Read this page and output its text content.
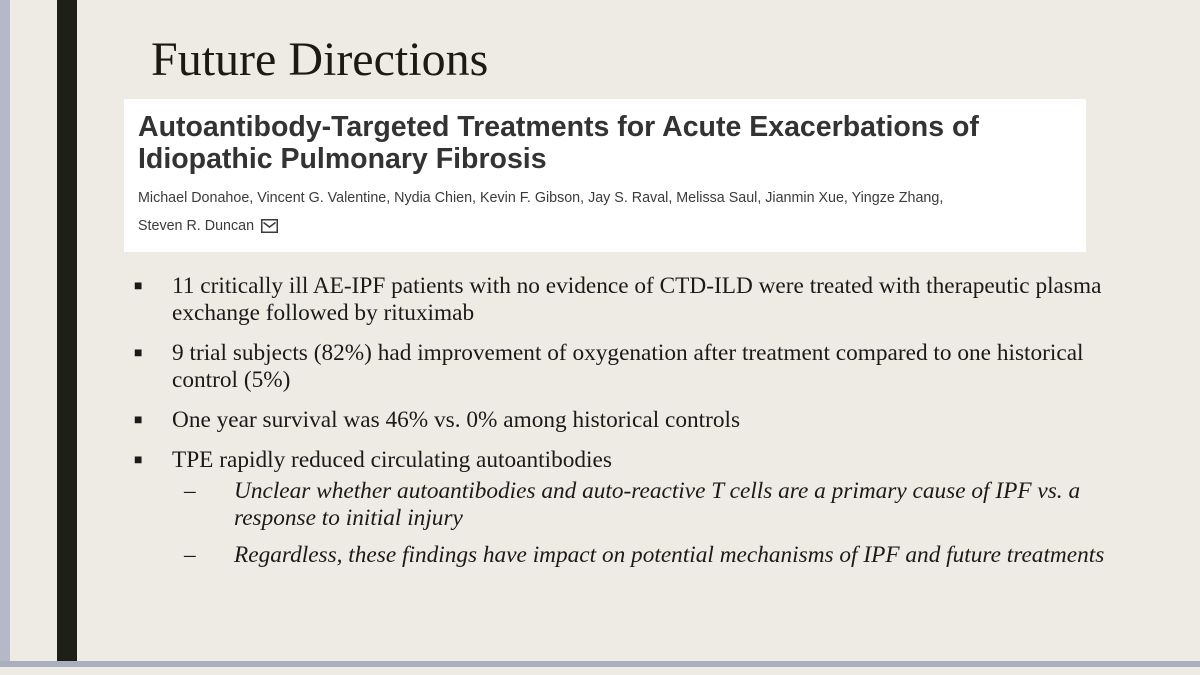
Future Directions
Autoantibody-Targeted Treatments for Acute Exacerbations of Idiopathic Pulmonary Fibrosis
Michael Donahoe, Vincent G. Valentine, Nydia Chien, Kevin F. Gibson, Jay S. Raval, Melissa Saul, Jianmin Xue, Yingze Zhang,
Steven R. Duncan
■ 11 critically ill AE-IPF patients with no evidence of CTD-ILD were treated with therapeutic plasma exchange followed by rituximab
■ 9 trial subjects (82%) had improvement of oxygenation after treatment compared to one historical control (5%)
■ One year survival was 46% vs. 0% among historical controls
■ TPE rapidly reduced circulating autoantibodies
– Unclear whether autoantibodies and auto-reactive T cells are a primary cause of IPF vs. a response to initial injury
– Regardless, these findings have impact on potential mechanisms of IPF and future treatments
